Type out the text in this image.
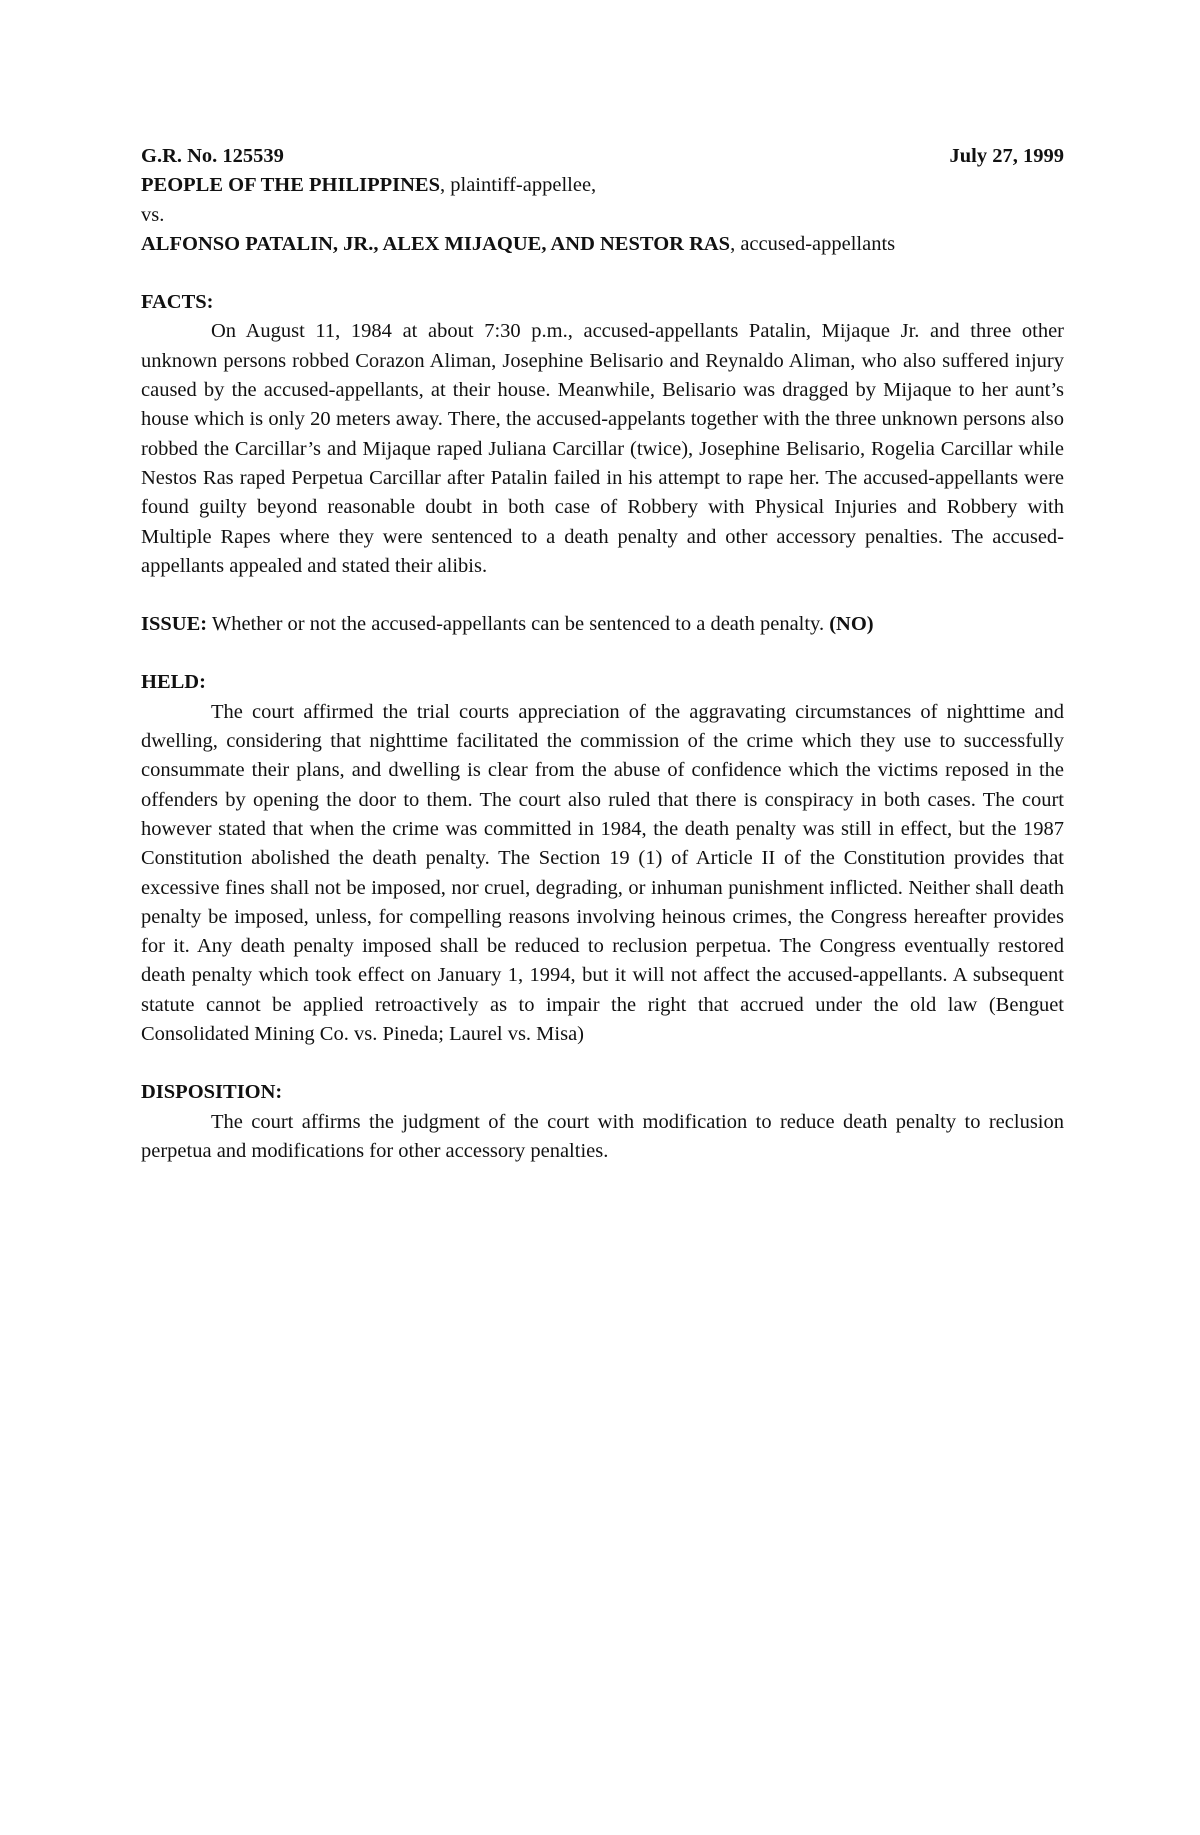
G.R. No. 125539	July 27, 1999

PEOPLE OF THE PHILIPPINES, plaintiff-appellee,

vs.

ALFONSO PATALIN, JR., ALEX MIJAQUE, AND NESTOR RAS, accused-appellants

FACTS:

On August 11, 1984 at about 7:30 p.m., accused-appellants Patalin, Mijaque Jr. and three other unknown persons robbed Corazon Aliman, Josephine Belisario and Reynaldo Aliman, who also suffered injury caused by the accused-appellants, at their house. Meanwhile, Belisario was dragged by Mijaque to her aunt’s house which is only 20 meters away. There, the accused-appelants together with the three unknown persons also robbed the Carcillar’s and Mijaque raped Juliana Carcillar (twice), Josephine Belisario, Rogelia Carcillar while Nestos Ras raped Perpetua Carcillar after Patalin failed in his attempt to rape her. The accused-appellants were found guilty beyond reasonable doubt in both case of Robbery with Physical Injuries and Robbery with Multiple Rapes where they were sentenced to a death penalty and other accessory penalties. The accused-appellants appealed and stated their alibis.

ISSUE: Whether or not the accused-appellants can be sentenced to a death penalty. (NO)

HELD:

The court affirmed the trial courts appreciation of the aggravating circumstances of nighttime and dwelling, considering that nighttime facilitated the commission of the crime which they use to successfully consummate their plans, and dwelling is clear from the abuse of confidence which the victims reposed in the offenders by opening the door to them. The court also ruled that there is conspiracy in both cases. The court however stated that when the crime was committed in 1984, the death penalty was still in effect, but the 1987 Constitution abolished the death penalty. The Section 19 (1) of Article II of the Constitution provides that excessive fines shall not be imposed, nor cruel, degrading, or inhuman punishment inflicted. Neither shall death penalty be imposed, unless, for compelling reasons involving heinous crimes, the Congress hereafter provides for it. Any death penalty imposed shall be reduced to reclusion perpetua. The Congress eventually restored death penalty which took effect on January 1, 1994, but it will not affect the accused-appellants. A subsequent statute cannot be applied retroactively as to impair the right that accrued under the old law (Benguet Consolidated Mining Co. vs. Pineda; Laurel vs. Misa)

DISPOSITION:

The court affirms the judgment of the court with modification to reduce death penalty to reclusion perpetua and modifications for other accessory penalties.
